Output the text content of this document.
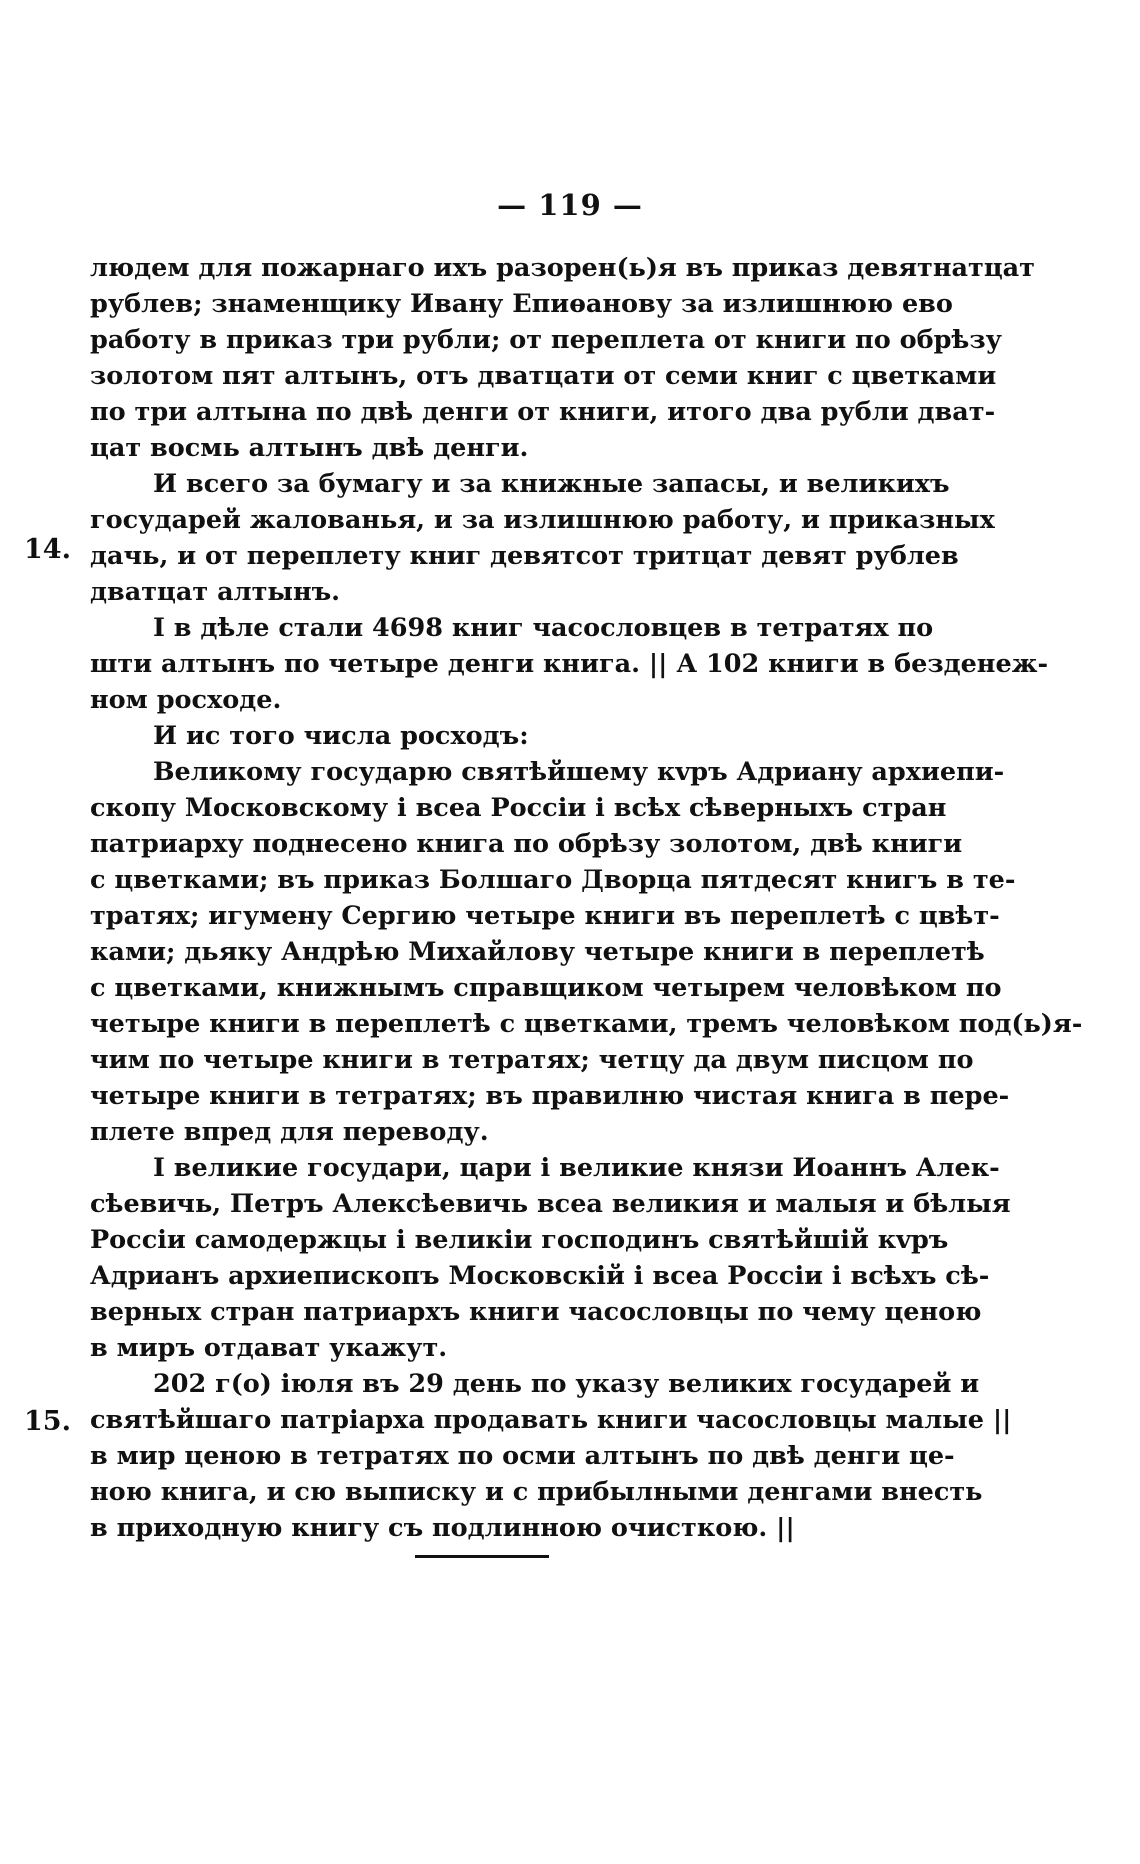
— 119 —
14.
15.
людем для пожарнаго ихъ разорен(ь)я въ приказ девятнатцат
рублев; знаменщику Ивану Епиѳанову за излишнюю ево
работу в приказ три рубли; от переплета от книги по обрѣзу
золотом пят алтынъ, отъ дватцати от семи книг с цветками
по три алтына по двѣ денги от книги, итого два рубли дват-
цат восмь алтынъ двѣ денги.
И всего за бумагу и за книжные запасы, и великихъ
государей жалованья, и за излишнюю работу, и приказных
дачь, и от переплету книг девятсот тритцат девят рублев
дватцат алтынъ.
I в дѣле стали 4698 книг часословцев в тетратях по
шти алтынъ по четыре денги книга. || А 102 книги в безденеж-
ном росходе.
И ис того числа росходъ:
Великому государю святѣйшему кvръ Адриану архиепи-
скопу Московскому i всеа Россiи i всѣх сѣверныхъ стран
патриарху поднесено книга по обрѣзу золотом, двѣ книги
с цветками; въ приказ Болшаго Дворца пятдесят книгъ в те-
тратях; игумену Сергию четыре книги въ переплетѣ с цвѣт-
ками; дьяку Андрѣю Михайлову четыре книги в переплетѣ
с цветками, книжнымъ справщиком четырем человѣком по
четыре книги в переплетѣ с цветками, тремъ человѣком под(ь)я-
чим по четыре книги в тетратях; четцу да двум писцом по
четыре книги в тетратях; въ правилню чистая книга в пере-
плете впред для переводу.
I великие государи, цари i великие князи Иоаннъ Алек-
сѣевичь, Петръ Алексѣевичь всеа великия и малыя и бѣлыя
Россiи самодержцы i великiи господинъ святѣйшiй кvръ
Адрианъ архиепископъ Московскiй i всеа Россiи i всѣхъ сѣ-
верных стран патриархъ книги часословцы по чему ценою
в миръ отдават укажут.
202 г(о) iюля въ 29 день по указу великих государей и
святѣйшаго патрiарха продавать книги часословцы малые ||
в мир ценою в тетратях по осми алтынъ по двѣ денги це-
ною книга, и сю выписку и с прибылными денгами внесть
в приходную книгу съ подлинною очисткою. ||
